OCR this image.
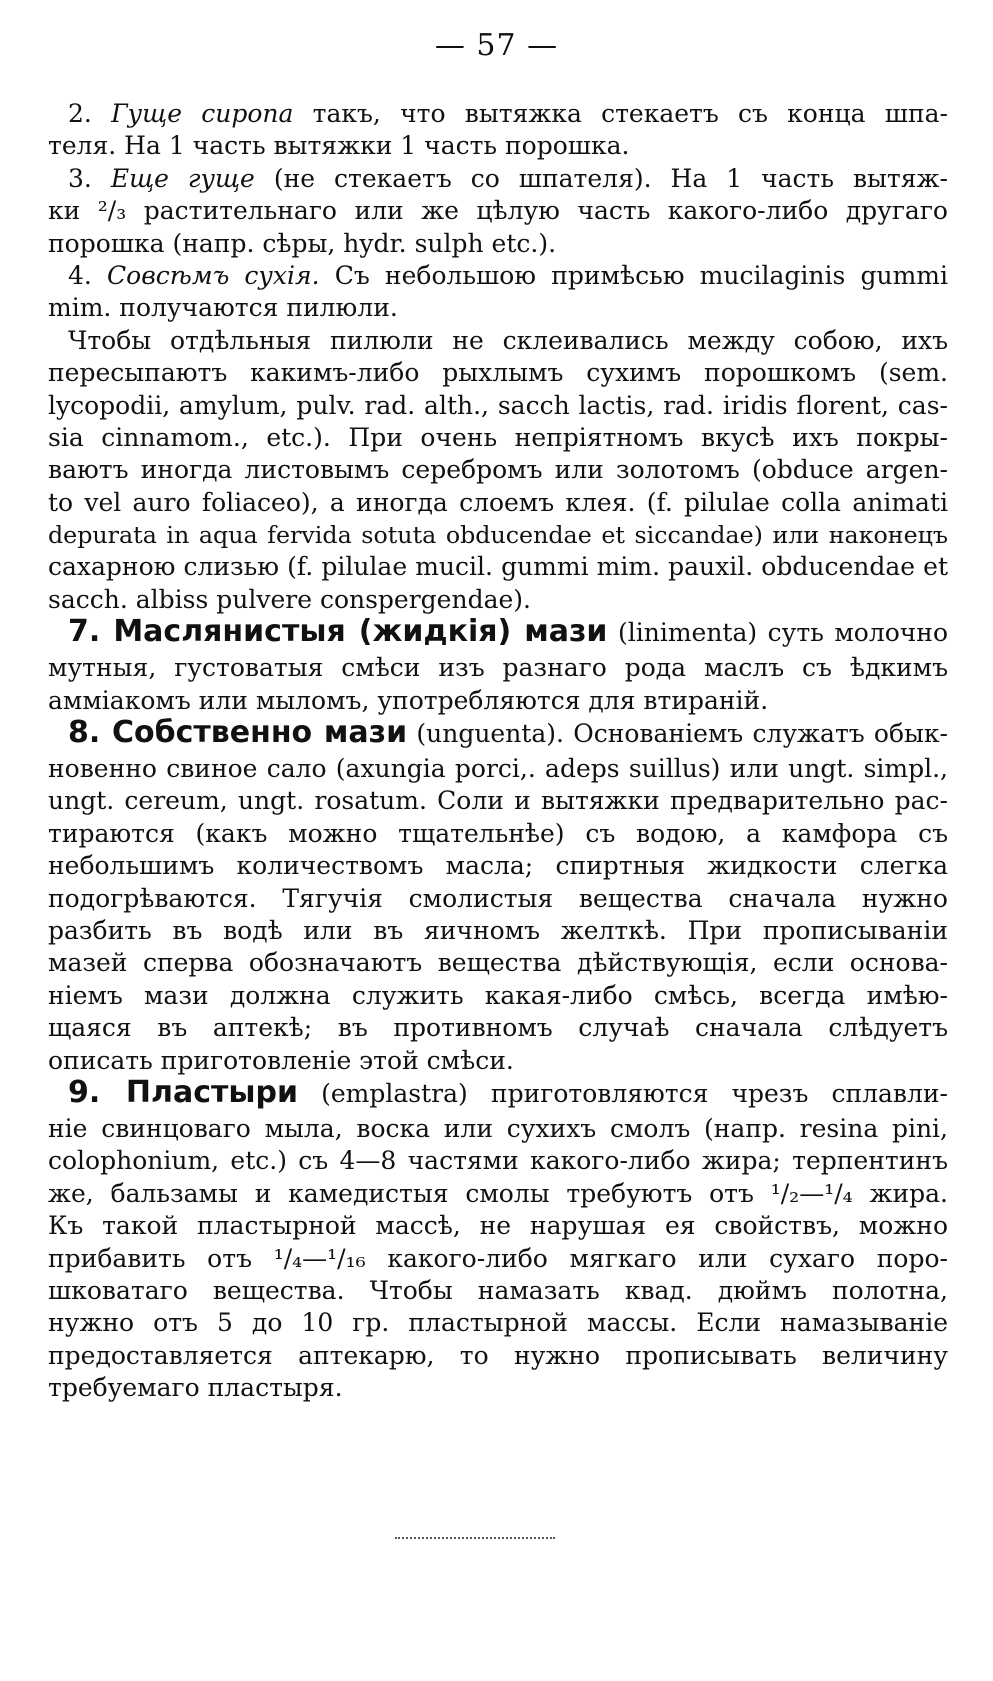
— 57 —
2. Гуще сиропа такъ, что вытяжка стекаетъ съ конца шпа-
теля. На 1 часть вытяжки 1 часть порошка.
3. Еще гуще (не стекаетъ со шпателя). На 1 часть вытяж-
ки ²/₃ растительнаго или же цѣлую часть какого-либо другаго
порошка (напр. сѣры, hydr. sulph etc.).
4. Совсѣмъ сухія. Съ небольшою примѣсью mucilaginis gummi
mim. получаются пилюли.
Чтобы отдѣльныя пилюли не склеивались между собою, ихъ
пересыпаютъ какимъ-либо рыхлымъ сухимъ порошкомъ (sem.
lycopodii, amylum, pulv. rad. alth., sacch lactis, rad. iridis florent, cas-
sia cinnamom., etc.). При очень непріятномъ вкусѣ ихъ покры-
ваютъ иногда листовымъ серебромъ или золотомъ (obduce argen-
to vel auro foliaceo), а иногда слоемъ клея. (f. pilulae colla animati
depurata in aqua fervida sotuta obducendae et siccandae) или наконецъ
сахарною слизью (f. pilulae mucil. gummi mim. pauxil. obducendae et
sacch. albiss pulvere conspergendae).
7. Маслянистыя (жидкія) мази (linimenta) суть молочно
мутныя, густоватыя смѣси изъ разнаго рода маслъ съ ѣдкимъ
амміакомъ или мыломъ, употребляются для втираній.
8. Собственно мази (unguenta). Основаніемъ служатъ обык-
новенно свиное сало (axungia porci,. adeps suillus) или ungt. simpl.,
ungt. cereum, ungt. rosatum. Соли и вытяжки предварительно рас-
тираются (какъ можно тщательнѣе) съ водою, а камфора съ
небольшимъ количествомъ масла; спиртныя жидкости слегка
подогрѣваются. Тягучія смолистыя вещества сначала нужно
разбить въ водѣ или въ яичномъ желткѣ. При прописываніи
мазей сперва обозначаютъ вещества дѣйствующія, если основа-
ніемъ мази должна служить какая-либо смѣсь, всегда имѣю-
щаяся въ аптекѣ; въ противномъ случаѣ сначала слѣдуетъ
описать приготовленіе этой смѣси.
9. Пластыри (emplastra) приготовляются чрезъ сплавли-
ніе свинцоваго мыла, воска или сухихъ смолъ (напр. resina pini,
colophonium, etc.) съ 4—8 частями какого-либо жира; терпентинъ
же, бальзамы и камедистыя смолы требуютъ отъ ¹/₂—¹/₄ жира.
Къ такой пластырной массѣ, не нарушая ея свойствъ, можно
прибавить отъ ¹/₄—¹/₁₆ какого-либо мягкаго или сухаго поро-
шковатаго вещества. Чтобы намазать квад. дюймъ полотна,
нужно отъ 5 до 10 гр. пластырной массы. Если намазываніе
предоставляется аптекарю, то нужно прописывать величину
требуемаго пластыря.
